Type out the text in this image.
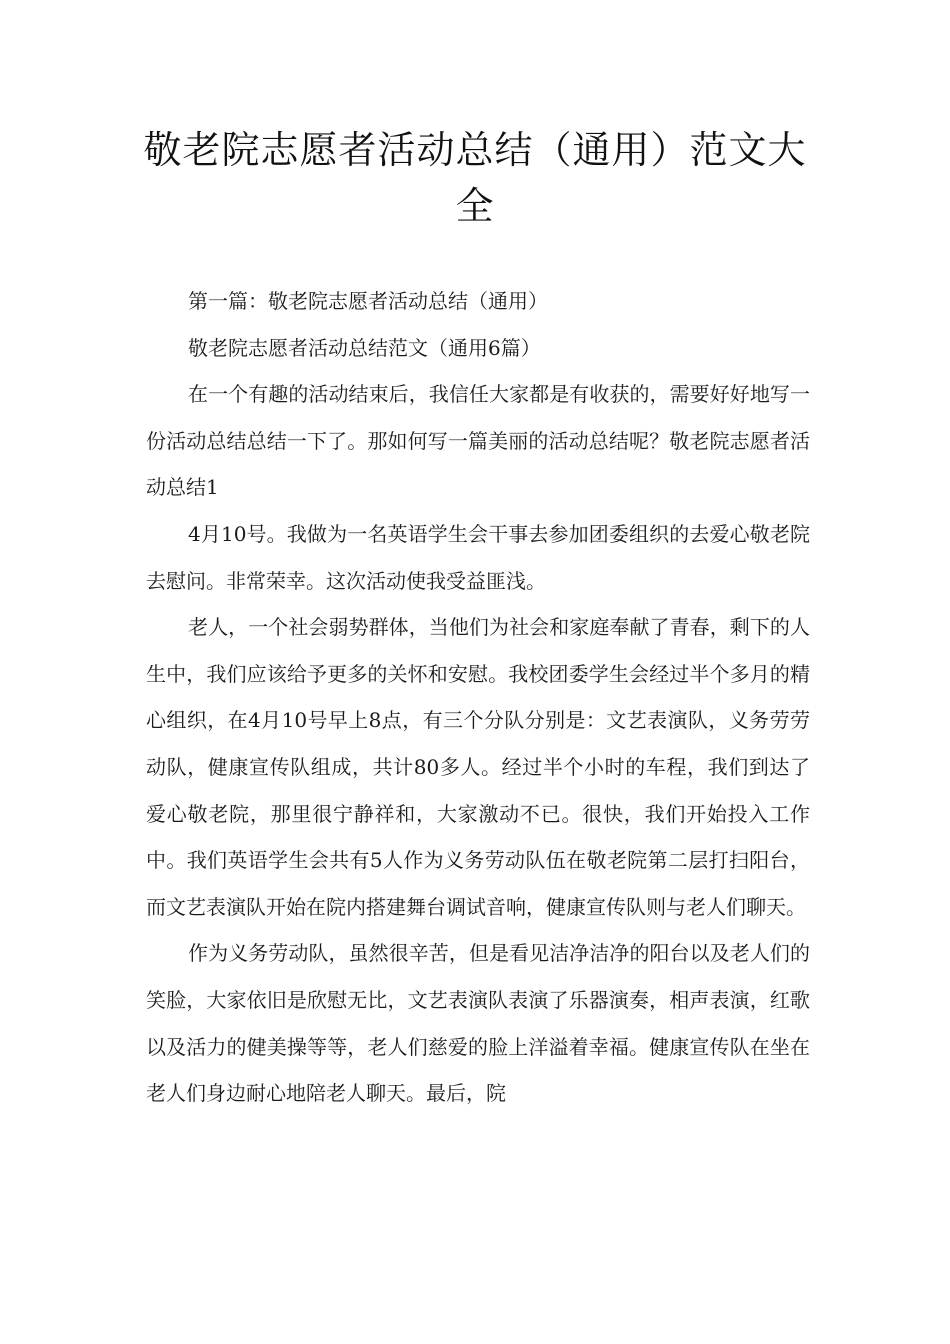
敬老院志愿者活动总结（通用）范文大全

第一篇：敬老院志愿者活动总结（通用）

敬老院志愿者活动总结范文（通用6篇）

在一个有趣的活动结束后，我信任大家都是有收获的，需要好好地写一份活动总结总结一下了。那如何写一篇美丽的活动总结呢？敬老院志愿者活动总结1

4月10号。我做为一名英语学生会干事去参加团委组织的去爱心敬老院去慰问。非常荣幸。这次活动使我受益匪浅。

老人，一个社会弱势群体，当他们为社会和家庭奉献了青春，剩下的人生中，我们应该给予更多的关怀和安慰。我校团委学生会经过半个多月的精心组织，在4月10号早上8点，有三个分队分别是：文艺表演队，义务劳劳动队，健康宣传队组成，共计80多人。经过半个小时的车程，我们到达了爱心敬老院，那里很宁静祥和，大家激动不已。很快，我们开始投入工作中。我们英语学生会共有5人作为义务劳动队伍在敬老院第二层打扫阳台，而文艺表演队开始在院内搭建舞台调试音响，健康宣传队则与老人们聊天。

作为义务劳动队，虽然很辛苦，但是看见洁净洁净的阳台以及老人们的笑脸，大家依旧是欣慰无比，文艺表演队表演了乐器演奏，相声表演，红歌以及活力的健美操等等，老人们慈爱的脸上洋溢着幸福。健康宣传队在坐在老人们身边耐心地陪老人聊天。最后，院
